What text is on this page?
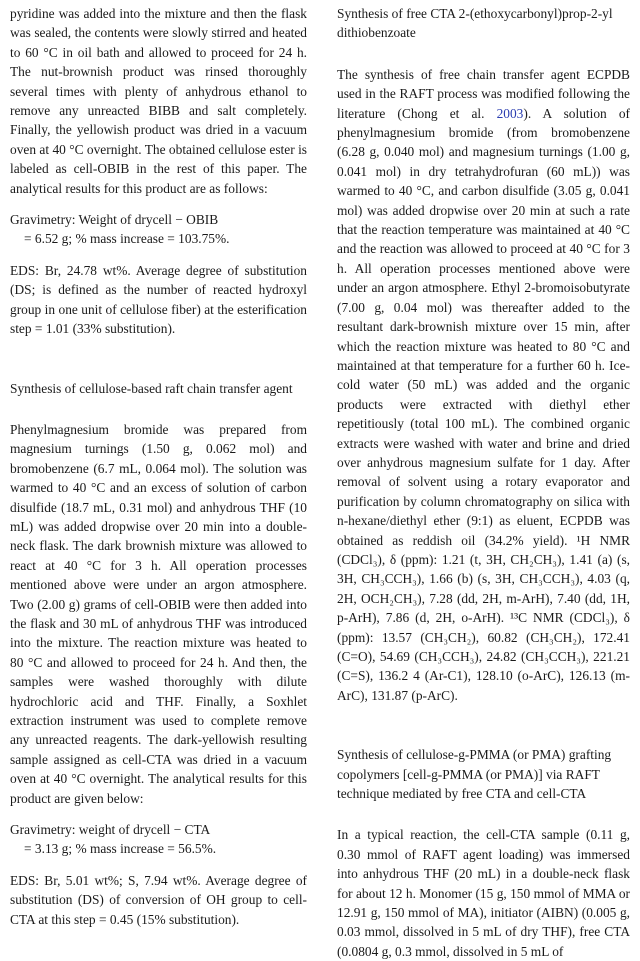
pyridine was added into the mixture and then the flask was sealed, the contents were slowly stirred and heated to 60 °C in oil bath and allowed to proceed for 24 h. The nut-brownish product was rinsed thoroughly several times with plenty of anhydrous ethanol to remove any unreacted BIBB and salt completely. Finally, the yellowish product was dried in a vacuum oven at 40 °C overnight. The obtained cellulose ester is labeled as cell-OBIB in the rest of this paper. The analytical results for this product are as follows:

Gravimetry: Weight of drycell − OBIB

= 6.52 g; % mass increase = 103.75%.

EDS: Br, 24.78 wt%. Average degree of substitution (DS; is defined as the number of reacted hydroxyl group in one unit of cellulose fiber) at the esterification step = 1.01 (33% substitution).

Synthesis of cellulose-based raft chain transfer agent

Phenylmagnesium bromide was prepared from magnesium turnings (1.50 g, 0.062 mol) and bromobenzene (6.7 mL, 0.064 mol). The solution was warmed to 40 °C and an excess of solution of carbon disulfide (18.7 mL, 0.31 mol) and anhydrous THF (10 mL) was added dropwise over 20 min into a double-neck flask. The dark brownish mixture was allowed to react at 40 °C for 3 h. All operation processes mentioned above were under an argon atmosphere. Two (2.00 g) grams of cell-OBIB were then added into the flask and 30 mL of anhydrous THF was introduced into the mixture. The reaction mixture was heated to 80 °C and allowed to proceed for 24 h. And then, the samples were washed thoroughly with dilute hydrochloric acid and THF. Finally, a Soxhlet extraction instrument was used to complete remove any unreacted reagents. The dark-yellowish resulting sample assigned as cell-CTA was dried in a vacuum oven at 40 °C overnight. The analytical results for this product are given below:

Gravimetry: weight of drycell − CTA

= 3.13 g; % mass increase = 56.5%.

EDS: Br, 5.01 wt%; S, 7.94 wt%. Average degree of substitution (DS) of conversion of OH group to cell-CTA at this step = 0.45 (15% substitution).

Synthesis of free CTA 2-(ethoxycarbonyl)prop-2-yl dithiobenzoate

The synthesis of free chain transfer agent ECPDB used in the RAFT process was modified following the literature (Chong et al. 2003). A solution of phenylmagnesium bromide (from bromobenzene (6.28 g, 0.040 mol) and magnesium turnings (1.00 g, 0.041 mol) in dry tetrahydrofuran (60 mL)) was warmed to 40 °C, and carbon disulfide (3.05 g, 0.041 mol) was added dropwise over 20 min at such a rate that the reaction temperature was maintained at 40 °C and the reaction was allowed to proceed at 40 °C for 3 h. All operation processes mentioned above were under an argon atmosphere. Ethyl 2-bromoisobutyrate (7.00 g, 0.04 mol) was thereafter added to the resultant dark-brownish mixture over 15 min, after which the reaction mixture was heated to 80 °C and maintained at that temperature for a further 60 h. Ice-cold water (50 mL) was added and the organic products were extracted with diethyl ether repetitiously (total 100 mL). The combined organic extracts were washed with water and brine and dried over anhydrous magnesium sulfate for 1 day. After removal of solvent using a rotary evaporator and purification by column chromatography on silica with n-hexane/diethyl ether (9:1) as eluent, ECPDB was obtained as reddish oil (34.2% yield). ¹H NMR (CDCl₃), δ (ppm): 1.21 (t, 3H, CH₂CH₃), 1.41 (a) (s, 3H, CH₃CCH₃), 1.66 (b) (s, 3H, CH₃CCH₃), 4.03 (q, 2H, OCH₂CH₃), 7.28 (dd, 2H, m-ArH), 7.40 (dd, 1H, p-ArH), 7.86 (d, 2H, o-ArH). ¹³C NMR (CDCl₃), δ (ppm): 13.57 (CH₃CH₂), 60.82 (CH₃CH₂), 172.41 (C=O), 54.69 (CH₃CCH₃), 24.82 (CH₃CCH₃), 221.21 (C=S), 136.2 4 (Ar-C1), 128.10 (o-ArC), 126.13 (m-ArC), 131.87 (p-ArC).

Synthesis of cellulose-g-PMMA (or PMA) grafting copolymers [cell-g-PMMA (or PMA)] via RAFT technique mediated by free CTA and cell-CTA

In a typical reaction, the cell-CTA sample (0.11 g, 0.30 mmol of RAFT agent loading) was immersed into anhydrous THF (20 mL) in a double-neck flask for about 12 h. Monomer (15 g, 150 mmol of MMA or 12.91 g, 150 mmol of MA), initiator (AIBN) (0.005 g, 0.03 mmol, dissolved in 5 mL of dry THF), free CTA (0.0804 g, 0.3 mmol, dissolved in 5 mL of
